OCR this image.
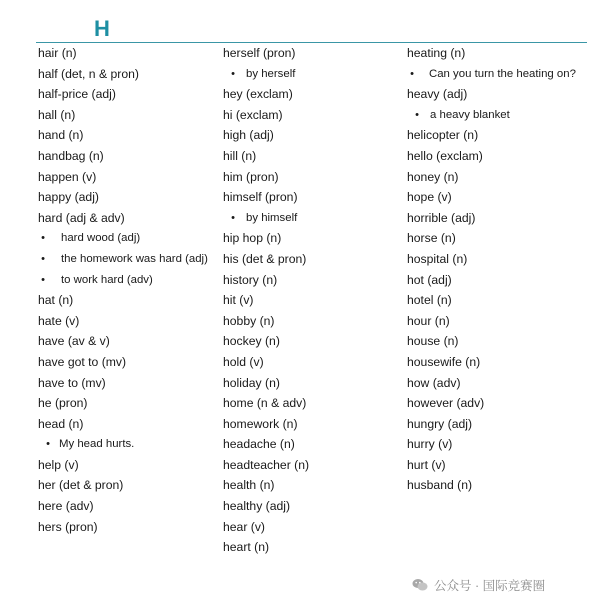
H
hair (n)
half (det, n & pron)
half-price (adj)
hall (n)
hand (n)
handbag (n)
happen (v)
happy (adj)
hard (adj & adv)
• hard wood (adj)
• the homework was hard (adj)
• to work hard (adv)
hat (n)
hate (v)
have (av & v)
have got to (mv)
have to (mv)
he (pron)
head (n)
• My head hurts.
help (v)
her (det & pron)
here (adv)
hers (pron)
herself (pron)
• by herself
hey (exclam)
hi (exclam)
high (adj)
hill (n)
him (pron)
himself (pron)
• by himself
hip hop (n)
his (det & pron)
history (n)
hit (v)
hobby (n)
hockey (n)
hold (v)
holiday (n)
home (n & adv)
homework (n)
headache (n)
headteacher (n)
health (n)
healthy (adj)
hear (v)
heart (n)
heating (n)
• Can you turn the heating on?
heavy (adj)
• a heavy blanket
helicopter (n)
hello (exclam)
honey (n)
hope (v)
horrible (adj)
horse (n)
hospital (n)
hot (adj)
hotel (n)
hour (n)
house (n)
housewife (n)
how (adv)
however (adv)
hungry (adj)
hurry (v)
hurt (v)
husband (n)
公众号 · 国际竞赛圈
